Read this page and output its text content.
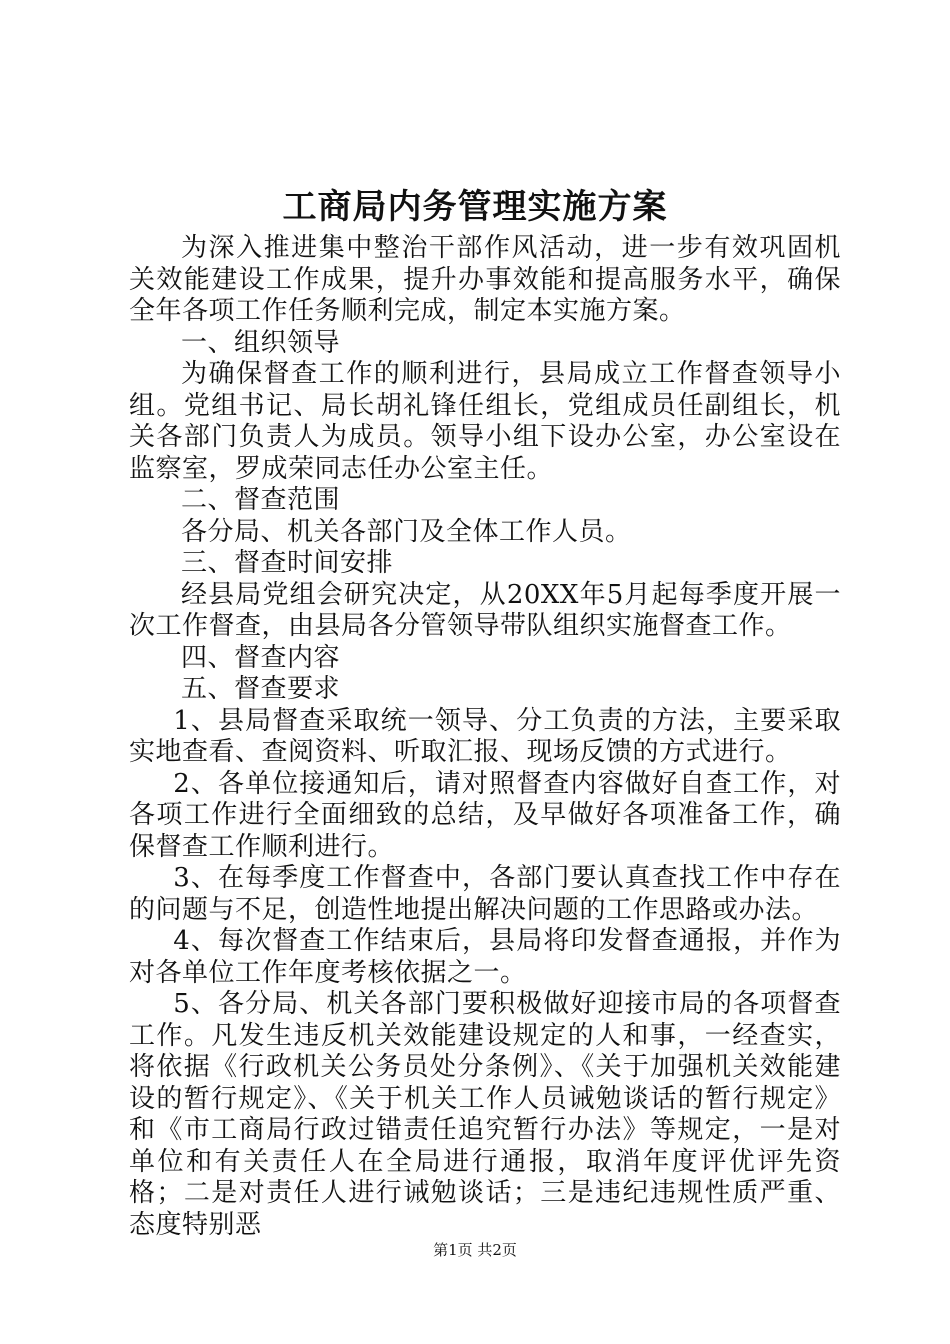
工商局内务管理实施方案

为深入推进集中整治干部作风活动，进一步有效巩固机关效能建设工作成果，提升办事效能和提高服务水平，确保全年各项工作任务顺利完成，制定本实施方案。

一、组织领导

为确保督查工作的顺利进行，县局成立工作督查领导小组。党组书记、局长胡礼锋任组长，党组成员任副组长，机关各部门负责人为成员。领导小组下设办公室，办公室设在监察室，罗成荣同志任办公室主任。

二、督查范围

各分局、机关各部门及全体工作人员。

三、督查时间安排

经县局党组会研究决定，从20XX年5月起每季度开展一次工作督查，由县局各分管领导带队组织实施督查工作。

四、督查内容

五、督查要求

1、县局督查采取统一领导、分工负责的方法，主要采取实地查看、查阅资料、听取汇报、现场反馈的方式进行。

2、各单位接通知后，请对照督查内容做好自查工作，对各项工作进行全面细致的总结，及早做好各项准备工作，确保督查工作顺利进行。

3、在每季度工作督查中，各部门要认真查找工作中存在的问题与不足，创造性地提出解决问题的工作思路或办法。

4、每次督查工作结束后，县局将印发督查通报，并作为对各单位工作年度考核依据之一。

5、各分局、机关各部门要积极做好迎接市局的各项督查工作。凡发生违反机关效能建设规定的人和事，一经查实，将依据《行政机关公务员处分条例》、《关于加强机关效能建设的暂行规定》、《关于机关工作人员诫勉谈话的暂行规定》和《市工商局行政过错责任追究暂行办法》等规定，一是对单位和有关责任人在全局进行通报，取消年度评优评先资格；二是对责任人进行诫勉谈话；三是违纪违规性质严重、态度特别恶

第1页 共2页
